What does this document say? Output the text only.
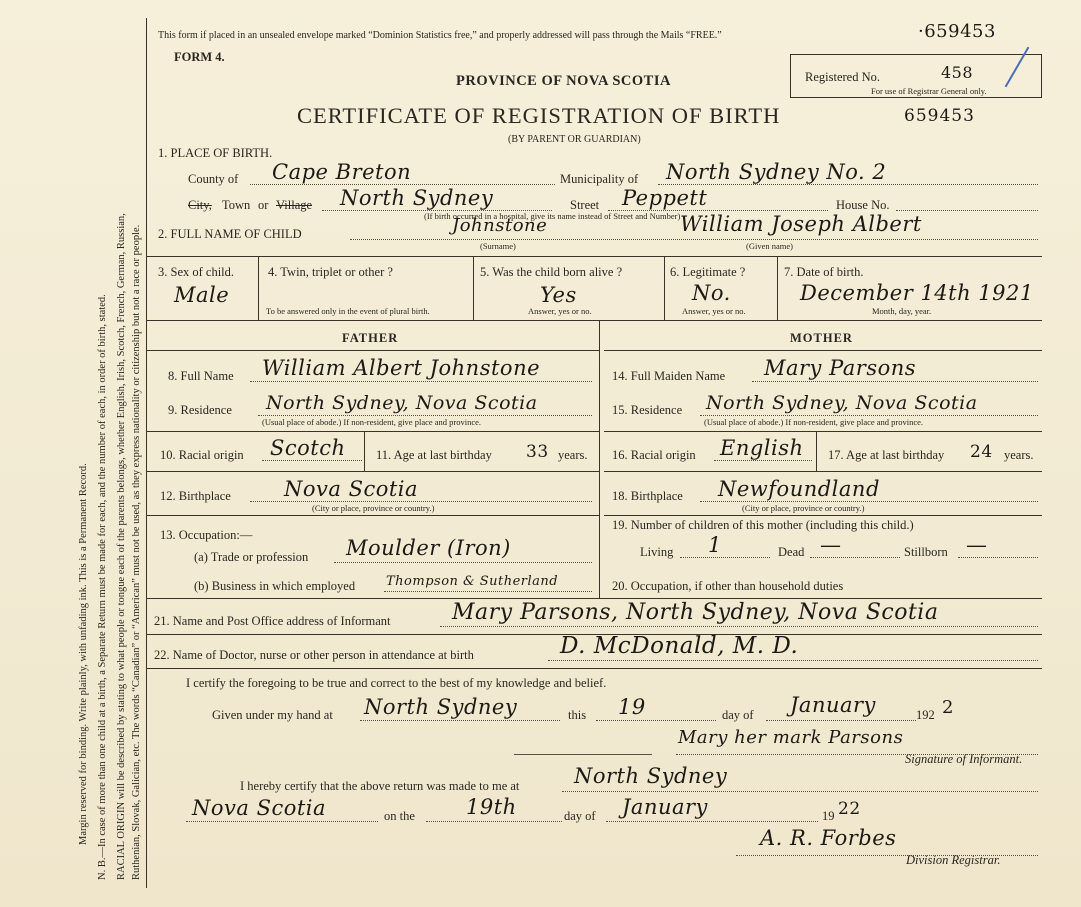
Margin reserved for binding. Write plainly, with unfading ink. This is a Permanent Record. N. B.—In case of more than one child at a birth, a Separate Return must be made for each, and the number of each, in order of birth, stated. RACIAL ORIGIN will be described by stating to what people or tongue each of the parents belongs, whether English, Irish, Scotch, French, German, Russian, Ruthenian, Slovak, Galician, etc. The words “Canadian” or “American” must not be used, as they express nationality or citizenship but not a race or people.
This form if placed in an unsealed envelope marked “Dominion Statistics free,” and properly addressed will pass through the Mails “FREE.”	·659453
FORM 4.
PROVINCE OF NOVA SCOTIA
CERTIFICATE OF REGISTRATION OF BIRTH	659453
(BY PARENT OR GUARDIAN)
Registered No.	458
For use of Registrar General only.
1. PLACE OF BIRTH.
County of Cape Breton	Municipality of North Sydney No. 2
City, Town or Village North Sydney	Street Peppett	House No.
(If birth occurred in a hospital, give its name instead of Street and Number)
2. FULL NAME OF CHILD	Johnstone
(Surname)
William Joseph Albert
(Given name)
3. Sex of child.
Male
4. Twin, triplet or other ?
To be answered only in the event of plural birth.
5. Was the child born alive ?
Yes
Answer, yes or no.
6. Legitimate ?
No.
Answer, yes or no.
7. Date of birth.
December 14th 1921
Month, day, year.
FATHER	MOTHER
8. Full Name William Albert Johnstone
9. Residence North Sydney, Nova Scotia
(Usual place of abode.) If non-resident, give place and province.
10. Racial origin Scotch 11. Age at last birthday 33 years.
12. Birthplace	Nova Scotia
(City or place, province or country.)
13. Occupation:—
(a) Trade or profession Moulder (Iron)
(b) Business in which employed Thompson & Sutherland
14. Full Maiden Name Mary Parsons
15. Residence North Sydney, Nova Scotia
(Usual place of abode.) If non-resident, give place and province.
16. Racial origin English 17. Age at last birthday 24 years.
18. Birthplace Newfoundland
(City or place, province or country.)
19. Number of children of this mother (including this child.)
Living 1	Dead —	Stillborn —
20. Occupation, if other than household duties
21. Name and Post Office address of Informant	Mary Parsons, North Sydney, Nova Scotia
22. Name of Doctor, nurse or other person in attendance at birth	D. McDonald, M. D.
I certify the foregoing to be true and correct to the best of my knowledge and belief.
Given under my hand at North Sydney	this 19	day of January	192 2
Mary her mark Parsons
Signature of Informant.
I hereby certify that the above return was made to me at	North Sydney
Nova Scotia	on the 19th	day of January	19 22
A. R. Forbes
Division Registrar.
